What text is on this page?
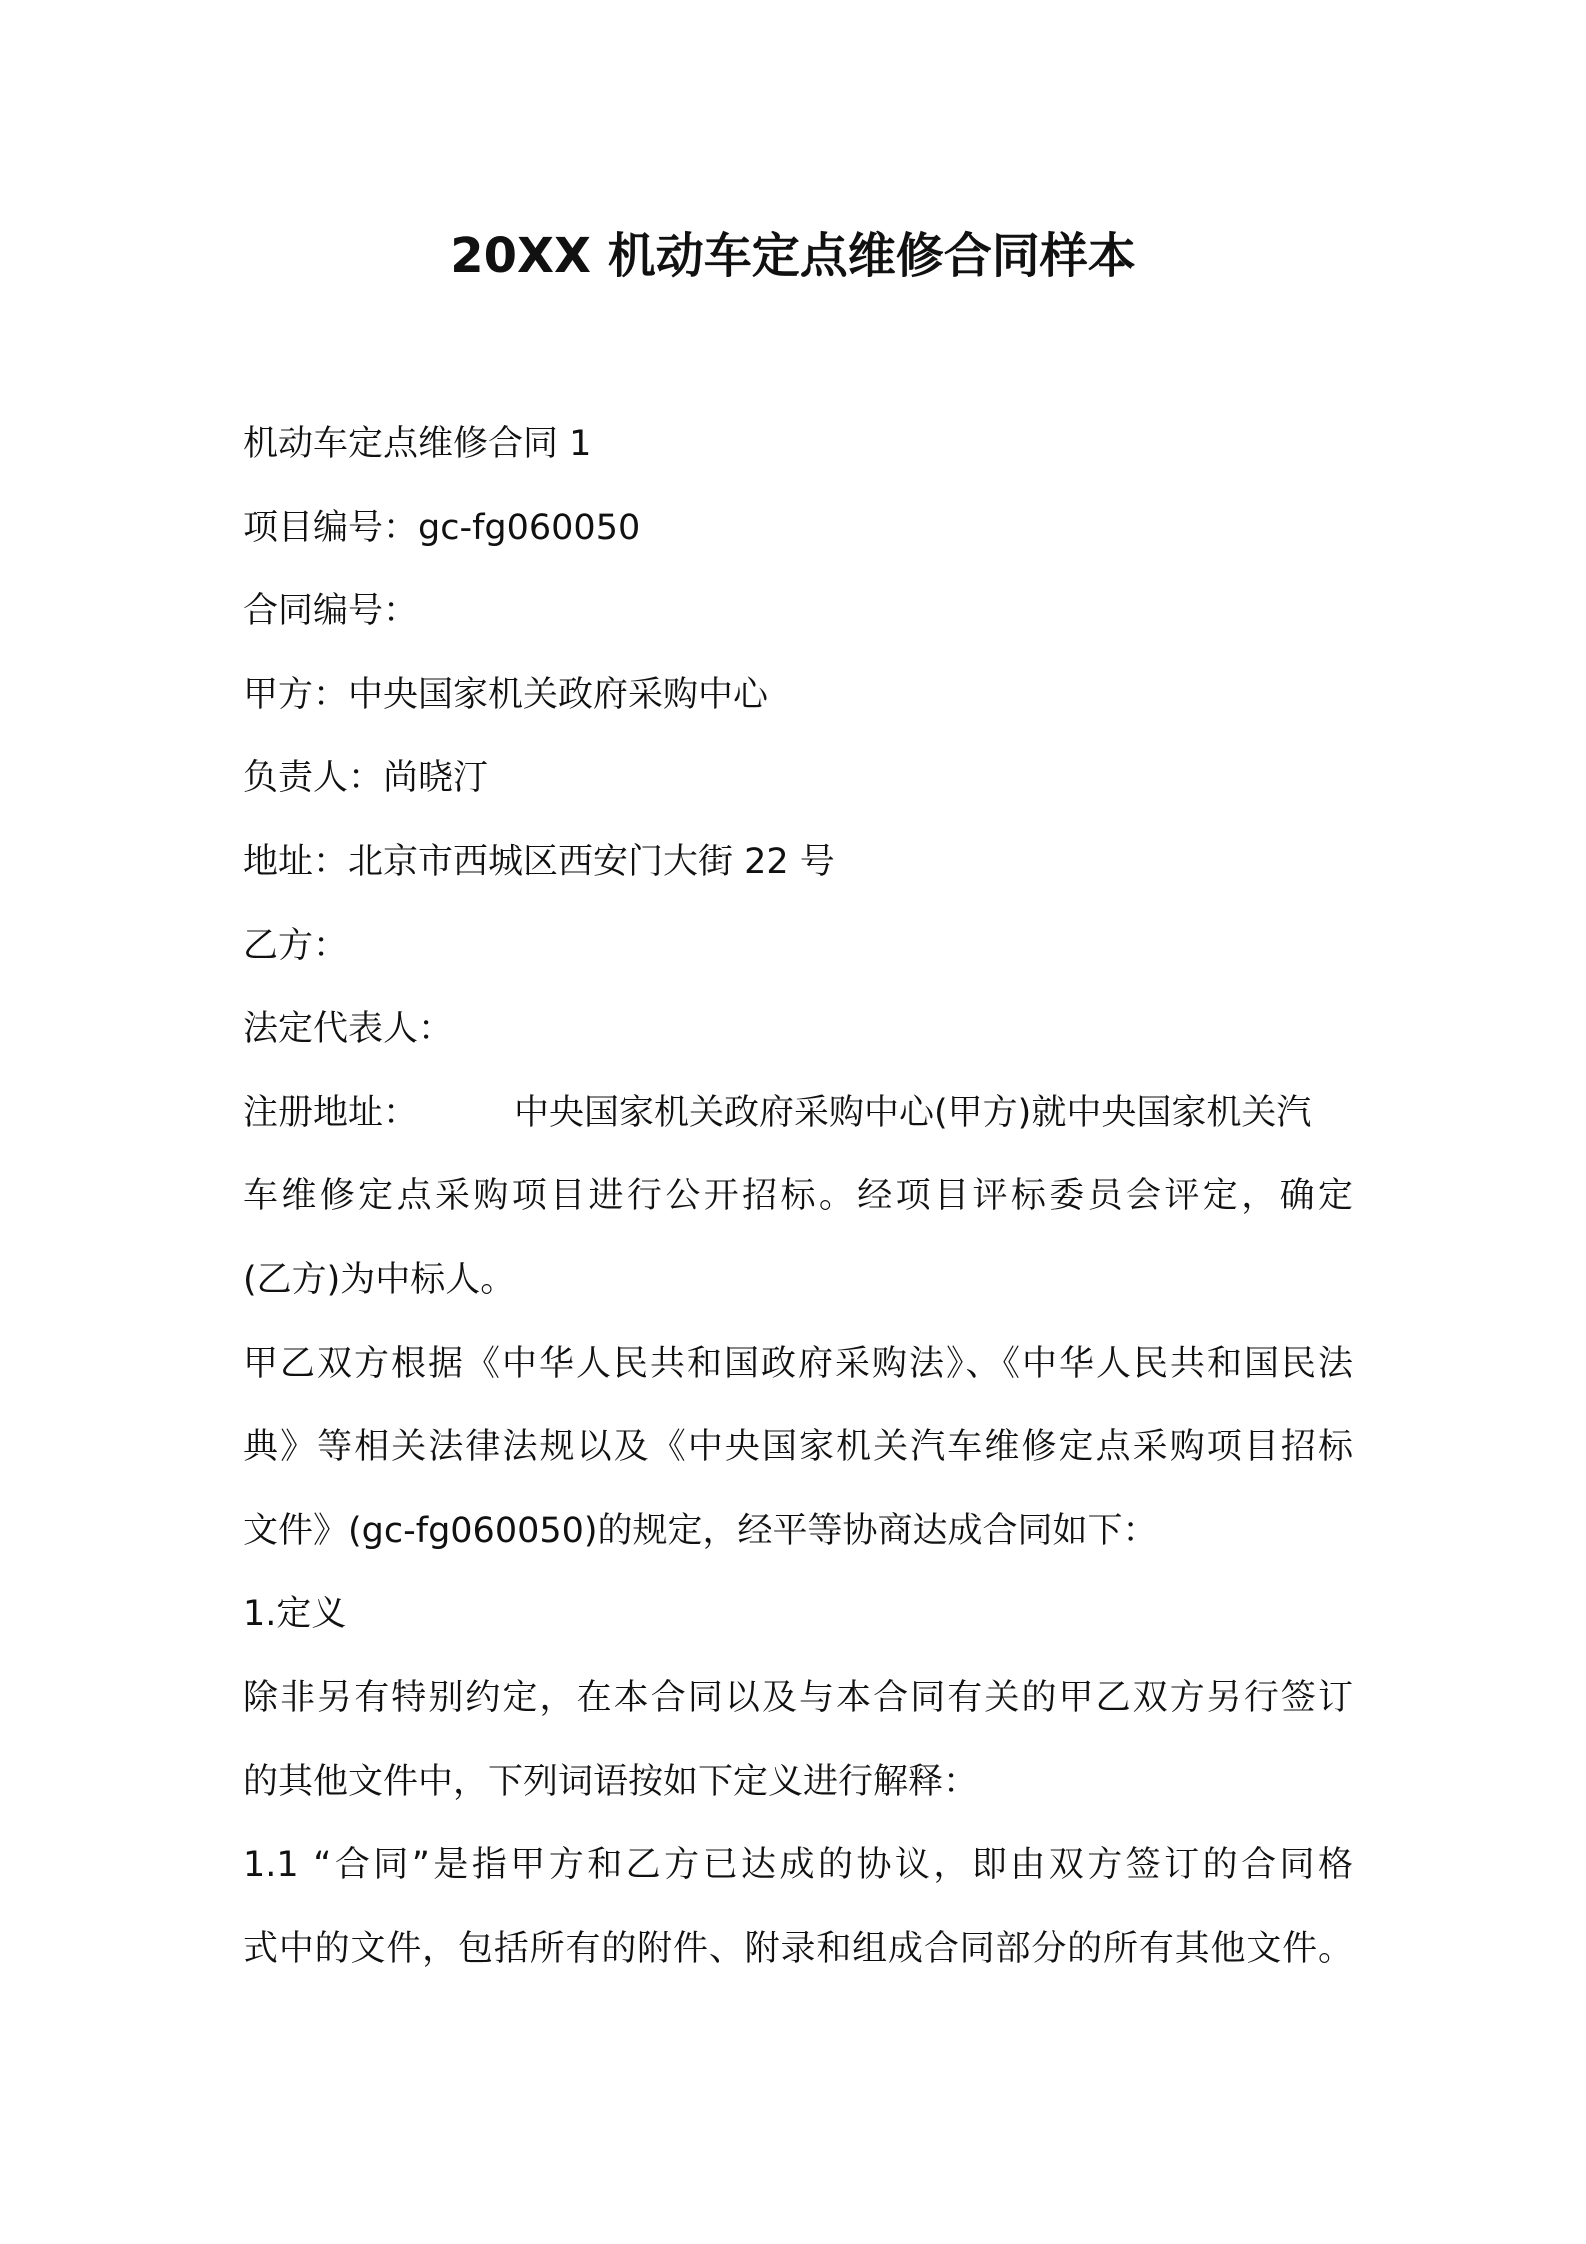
20XX 机动车定点维修合同样本

机动车定点维修合同 1

项目编号：gc-fg060050

合同编号：

甲方：中央国家机关政府采购中心

负责人：尚晓汀

地址：北京市西城区西安门大街 22 号

乙方：

法定代表人：

注册地址：	中央国家机关政府采购中心(甲方)就中央国家机关汽

车维修定点采购项目进行公开招标。经项目评标委员会评定，确定

(乙方)为中标人。

甲乙双方根据《中华人民共和国政府采购法》、《中华人民共和国民法

典》等相关法律法规以及《中央国家机关汽车维修定点采购项目招标

文件》(gc-fg060050)的规定，经平等协商达成合同如下：

1.定义

除非另有特别约定，在本合同以及与本合同有关的甲乙双方另行签订

的其他文件中，下列词语按如下定义进行解释：

1.1 “合同”是指甲方和乙方已达成的协议，即由双方签订的合同格

式中的文件，包括所有的附件、附录和组成合同部分的所有其他文件。
